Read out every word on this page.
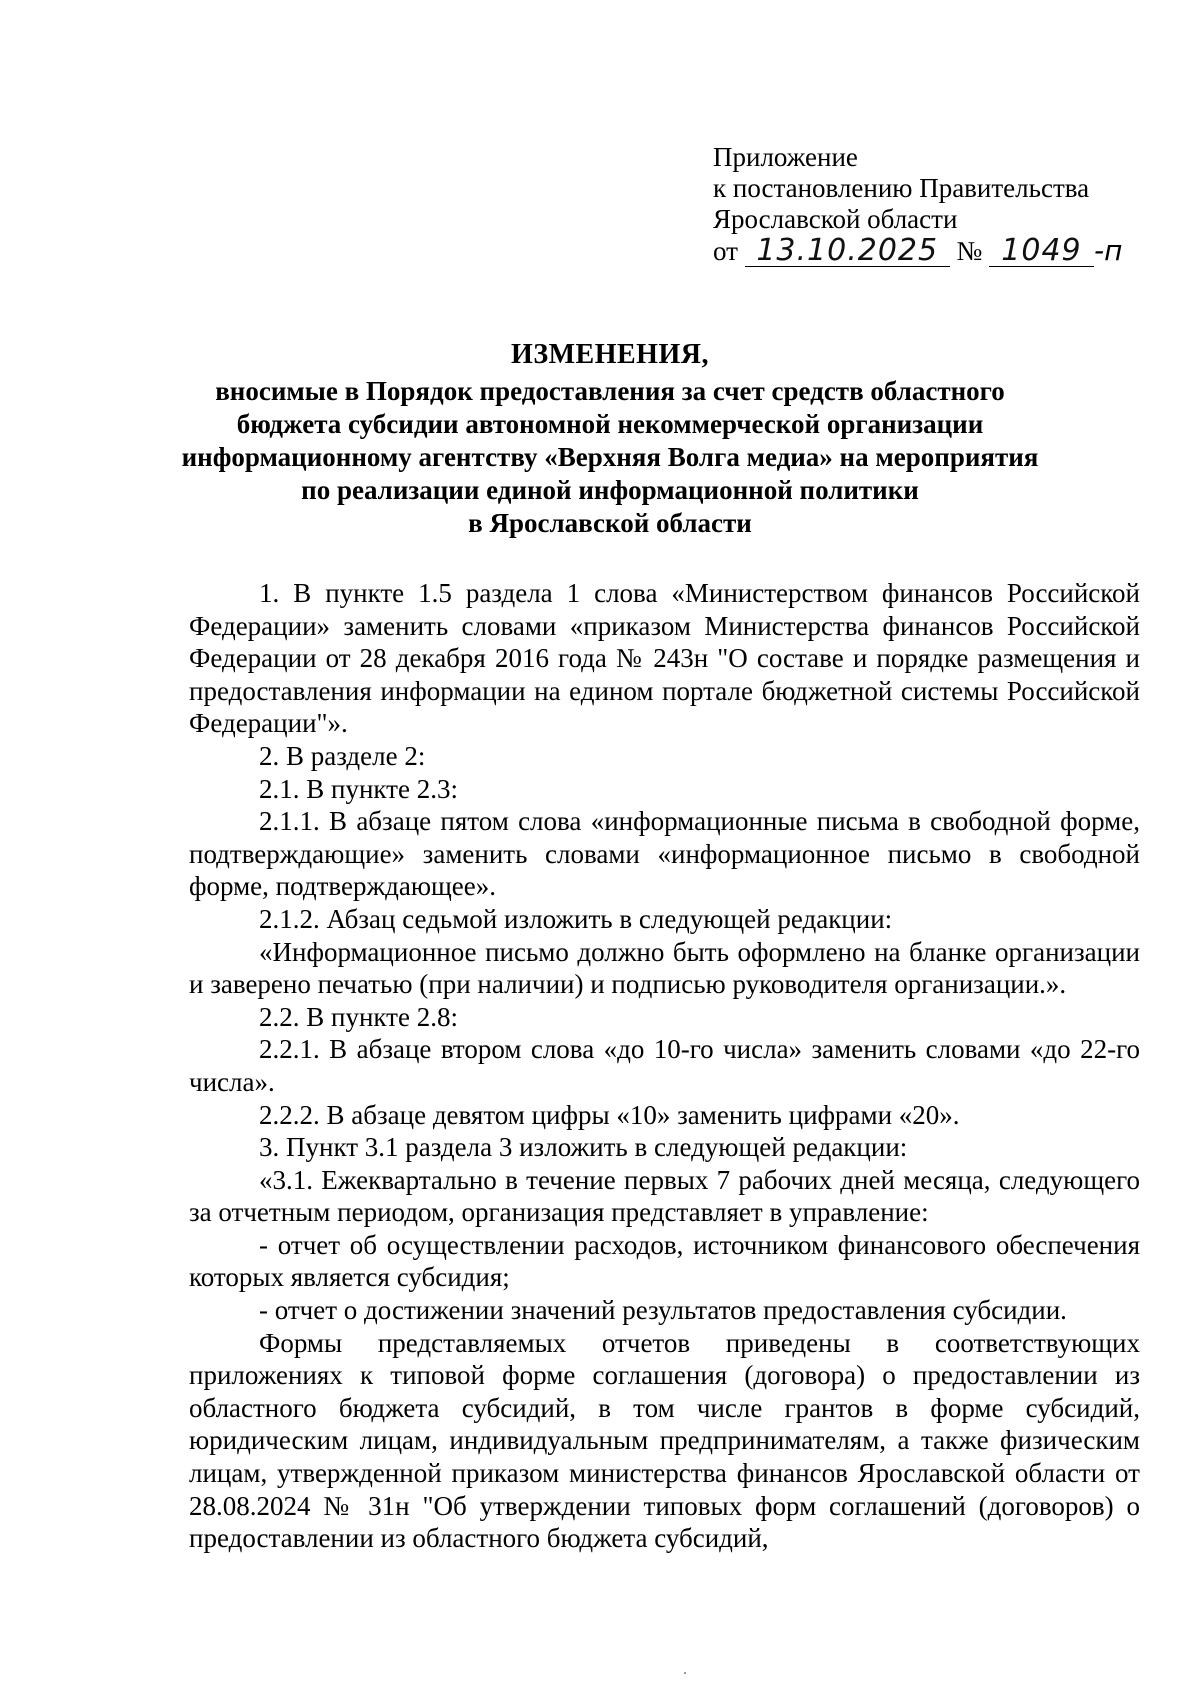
Приложение
к постановлению Правительства
Ярославской области
от 13.10.2025 № 1049 -п
ИЗМЕНЕНИЯ,
вносимые в Порядок предоставления за счет средств областного
бюджета субсидии автономной некоммерческой организации
информационному агентству «Верхняя Волга медиа» на мероприятия
по реализации единой информационной политики
в Ярославской области

1. В пункте 1.5 раздела 1 слова «Министерством финансов Российской Федерации» заменить словами «приказом Министерства финансов Российской Федерации от 28 декабря 2016 года № 243н "О составе и порядке размещения и предоставления информации на едином портале бюджетной системы Российской Федерации"».

2. В разделе 2:

2.1. В пункте 2.3:

2.1.1. В абзаце пятом слова «информационные письма в свободной форме, подтверждающие» заменить словами «информационное письмо в свободной форме, подтверждающее».

2.1.2. Абзац седьмой изложить в следующей редакции:

«Информационное письмо должно быть оформлено на бланке организации и заверено печатью (при наличии) и подписью руководителя организации.».

2.2. В пункте 2.8:

2.2.1. В абзаце втором слова «до 10-го числа» заменить словами «до 22-го числа».

2.2.2. В абзаце девятом цифры «10» заменить цифрами «20».

3. Пункт 3.1 раздела 3 изложить в следующей редакции:

«3.1. Ежеквартально в течение первых 7 рабочих дней месяца, следующего за отчетным периодом, организация представляет в управление:

- отчет об осуществлении расходов, источником финансового обеспечения которых является субсидия;

- отчет о достижении значений результатов предоставления субсидии.

Формы представляемых отчетов приведены в соответствующих приложениях к типовой форме соглашения (договора) о предоставлении из областного бюджета субсидий, в том числе грантов в форме субсидий, юридическим лицам, индивидуальным предпринимателям, а также физическим лицам, утвержденной приказом министерства финансов Ярославской области от 28.08.2024 № 31н "Об утверждении типовых форм соглашений (договоров) о предоставлении из областного бюджета субсидий,
